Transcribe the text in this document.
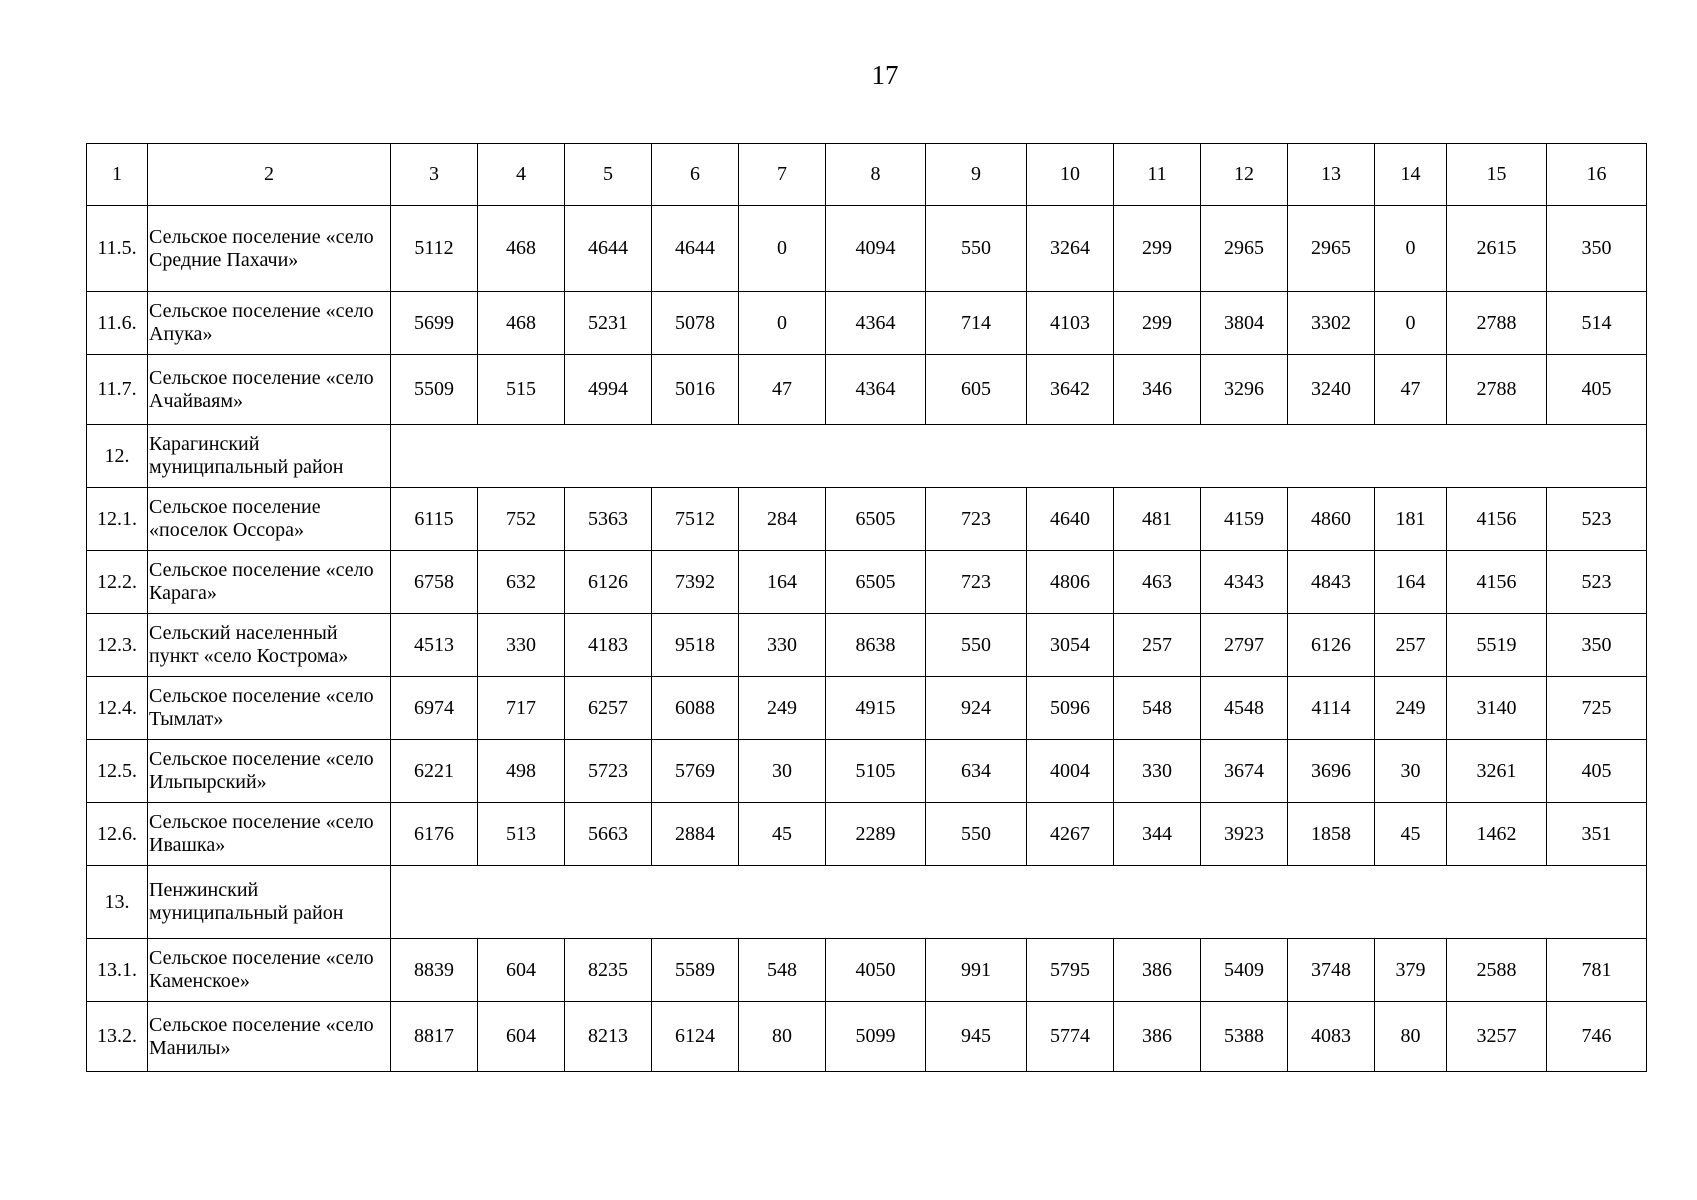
17
1	2	3	4	5	6	7	8	9	10	11	12	13	14	15	16
11.5.	Сельское поселение «село Средние Пахачи»	5112	468	4644	4644	0	4094	550	3264	299	2965	2965	0	2615	350
11.6.	Сельское поселение «село Апука»	5699	468	5231	5078	0	4364	714	4103	299	3804	3302	0	2788	514
11.7.	Сельское поселение «село Ачайваям»	5509	515	4994	5016	47	4364	605	3642	346	3296	3240	47	2788	405
12.	Карагинский муниципальный район														
12.1.	Сельское поселение «поселок Оссора»	6115	752	5363	7512	284	6505	723	4640	481	4159	4860	181	4156	523
12.2.	Сельское поселение «село Карага»	6758	632	6126	7392	164	6505	723	4806	463	4343	4843	164	4156	523
12.3.	Сельский населенный пункт «село Кострома»	4513	330	4183	9518	330	8638	550	3054	257	2797	6126	257	5519	350
12.4.	Сельское поселение «село Тымлат»	6974	717	6257	6088	249	4915	924	5096	548	4548	4114	249	3140	725
12.5.	Сельское поселение «село Ильпырский»	6221	498	5723	5769	30	5105	634	4004	330	3674	3696	30	3261	405
12.6.	Сельское поселение «село Ивашка»	6176	513	5663	2884	45	2289	550	4267	344	3923	1858	45	1462	351
13.	Пенжинский муниципальный район														
13.1.	Сельское поселение «село Каменское»	8839	604	8235	5589	548	4050	991	5795	386	5409	3748	379	2588	781
13.2.	Сельское поселение «село Манилы»	8817	604	8213	6124	80	5099	945	5774	386	5388	4083	80	3257	746
